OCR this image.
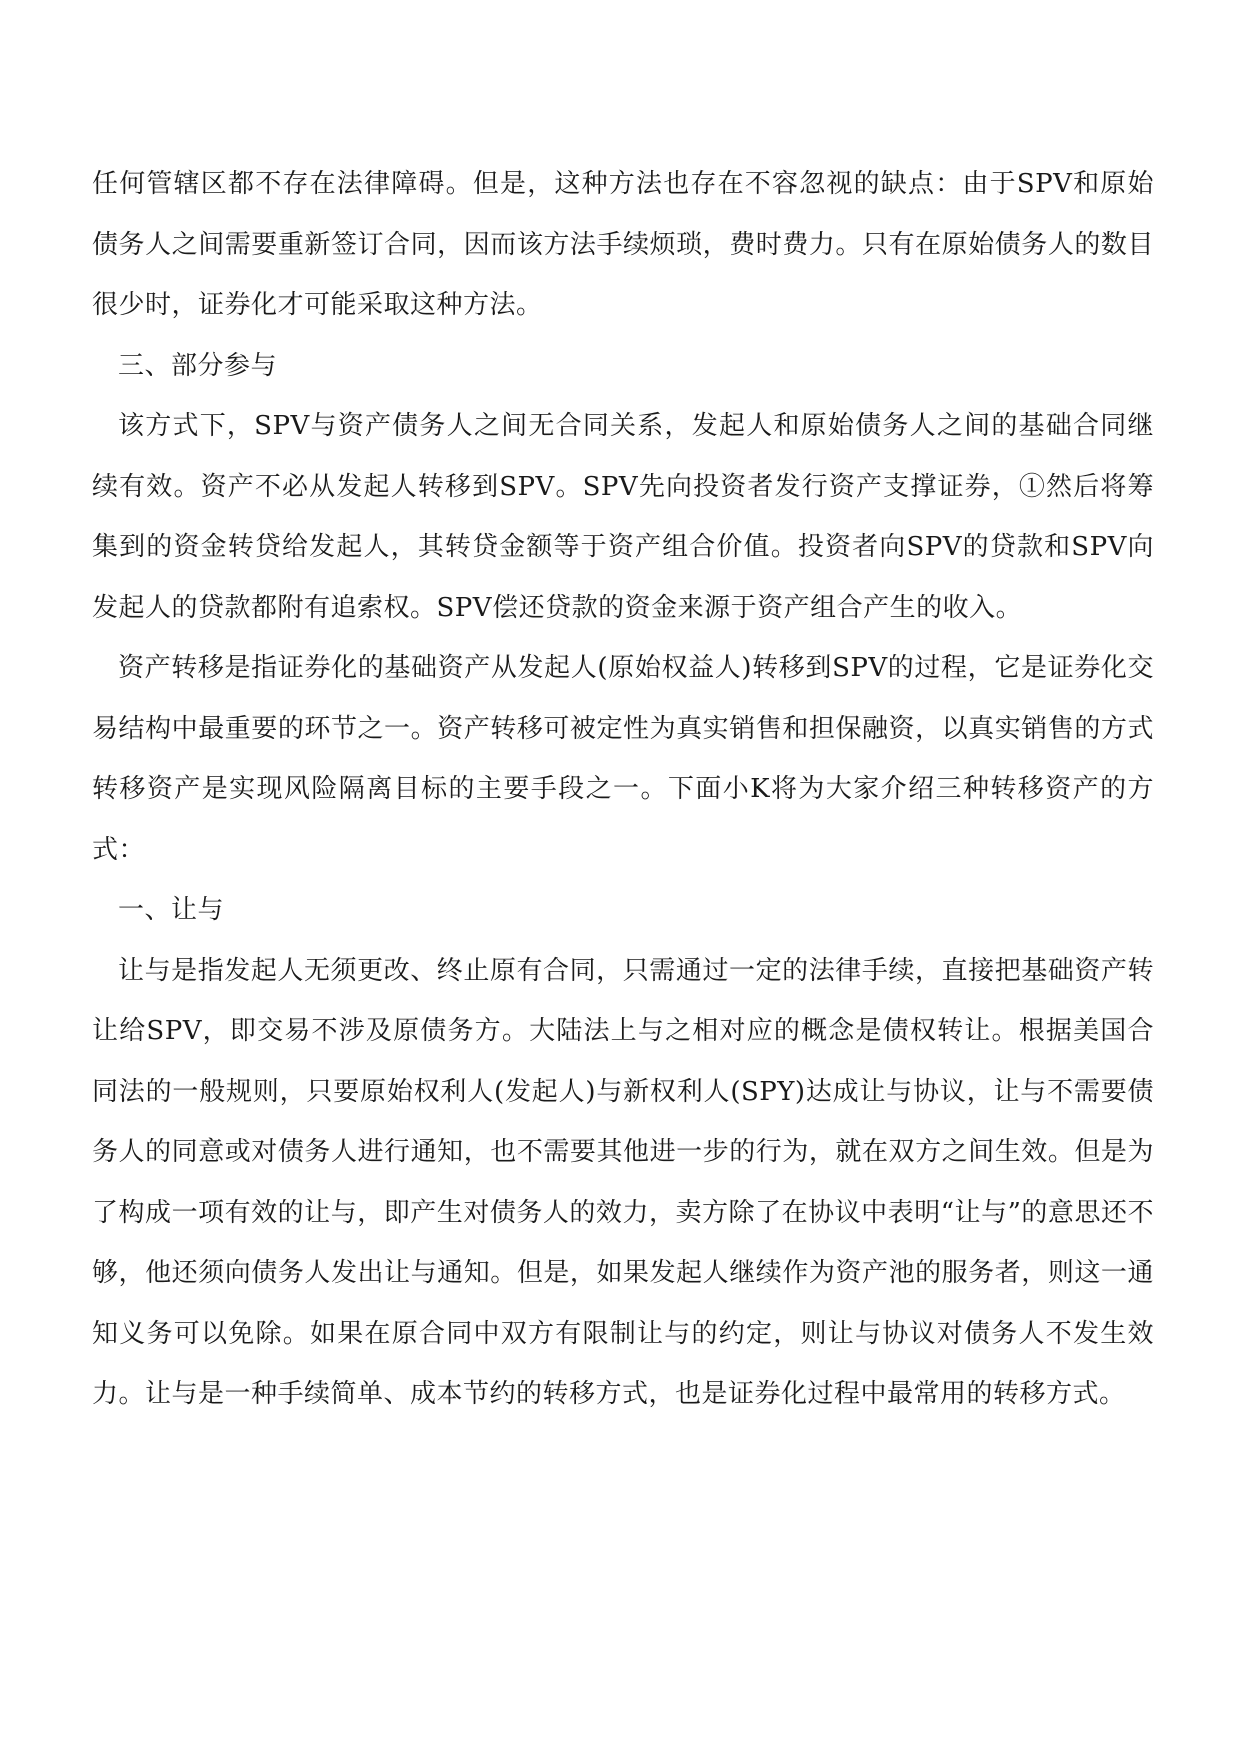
任何管辖区都不存在法律障碍。但是，这种方法也存在不容忽视的缺点：由于SPV和原始债务人之间需要重新签订合同，因而该方法手续烦琐，费时费力。只有在原始债务人的数目很少时，证券化才可能采取这种方法。

三、部分参与

该方式下，SPV与资产债务人之间无合同关系，发起人和原始债务人之间的基础合同继续有效。资产不必从发起人转移到SPV。SPV先向投资者发行资产支撑证券，①然后将筹集到的资金转贷给发起人，其转贷金额等于资产组合价值。投资者向SPV的贷款和SPV向发起人的贷款都附有追索权。SPV偿还贷款的资金来源于资产组合产生的收入。

资产转移是指证券化的基础资产从发起人(原始权益人)转移到SPV的过程，它是证券化交易结构中最重要的环节之一。资产转移可被定性为真实销售和担保融资，以真实销售的方式转移资产是实现风险隔离目标的主要手段之一。下面小K将为大家介绍三种转移资产的方式：

一、让与

让与是指发起人无须更改、终止原有合同，只需通过一定的法律手续，直接把基础资产转让给SPV，即交易不涉及原债务方。大陆法上与之相对应的概念是债权转让。根据美国合同法的一般规则，只要原始权利人(发起人)与新权利人(SPY)达成让与协议，让与不需要债务人的同意或对债务人进行通知，也不需要其他进一步的行为，就在双方之间生效。但是为了构成一项有效的让与，即产生对债务人的效力，卖方除了在协议中表明“让与”的意思还不够，他还须向债务人发出让与通知。但是，如果发起人继续作为资产池的服务者，则这一通知义务可以免除。如果在原合同中双方有限制让与的约定，则让与协议对债务人不发生效力。让与是一种手续简单、成本节约的转移方式，也是证券化过程中最常用的转移方式。
